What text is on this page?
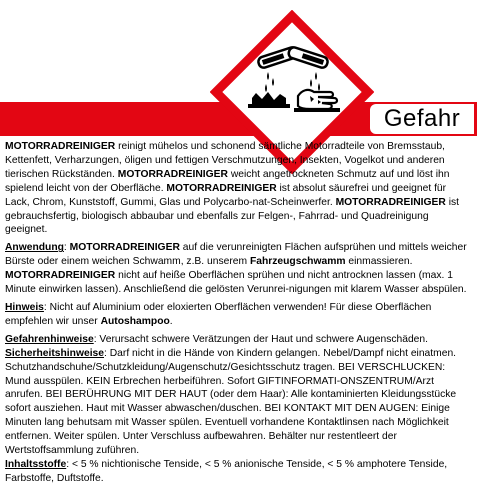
Gefahr

MOTORRADREINIGER reinigt mühelos und schonend sämtliche Motorradteile von Bremsstaub, Kettenfett, Verharzungen, öligen und fettigen Verschmutzungen, Insekten, Vogelkot und anderen tierischen Rückständen. MOTORRADREINIGER weicht angetrockneten Schmutz auf und löst ihn spielend leicht von der Oberfläche. MOTORRADREINIGER ist absolut säurefrei und geeignet für Lack, Chrom, Kunststoff, Gummi, Glas und Polycarbo-nat-Scheinwerfer. MOTORRADREINIGER ist gebrauchsfertig, biologisch abbaubar und ebenfalls zur Felgen-, Fahrrad- und Quadreinigung geeignet.

Anwendung: MOTORRADREINIGER auf die verunreinigten Flächen aufsprühen und mittels weicher Bürste oder einem weichen Schwamm, z.B. unserem Fahrzeugschwamm einmassieren. MOTORRADREINIGER nicht auf heiße Oberflächen sprühen und nicht antrocknen lassen (max. 1 Minute einwirken lassen). Anschließend die gelösten Verunrei-nigungen mit klarem Wasser abspülen.

Hinweis: Nicht auf Aluminium oder eloxierten Oberflächen verwenden! Für diese Oberflächen empfehlen wir unser Autoshampoo.

Gefahrenhinweise: Verursacht schwere Verätzungen der Haut und schwere Augenschäden.

Sicherheitshinweise: Darf nicht in die Hände von Kindern gelangen. Nebel/Dampf nicht einatmen. Schutzhandschuhe/Schutzkleidung/Augenschutz/Gesichtsschutz tragen. BEI VERSCHLUCKEN: Mund ausspülen. KEIN Erbrechen herbeiführen. Sofort GIFTINFORMATI-ONSZENTRUM/Arzt anrufen. BEI BERÜHRUNG MIT DER HAUT (oder dem Haar): Alle kontaminierten Kleidungsstücke sofort ausziehen. Haut mit Wasser abwaschen/duschen. BEI KONTAKT MIT DEN AUGEN: Einige Minuten lang behutsam mit Wasser spülen. Eventuell vorhandene Kontaktlinsen nach Möglichkeit entfernen. Weiter spülen. Unter Verschluss aufbewahren. Behälter nur restentleert der Wertstoffsammlung zuführen.

Inhaltsstoffe: < 5 % nichtionische Tenside, < 5 % anionische Tenside, < 5 % amphotere Tenside, Farbstoffe, Duftstoffe.
